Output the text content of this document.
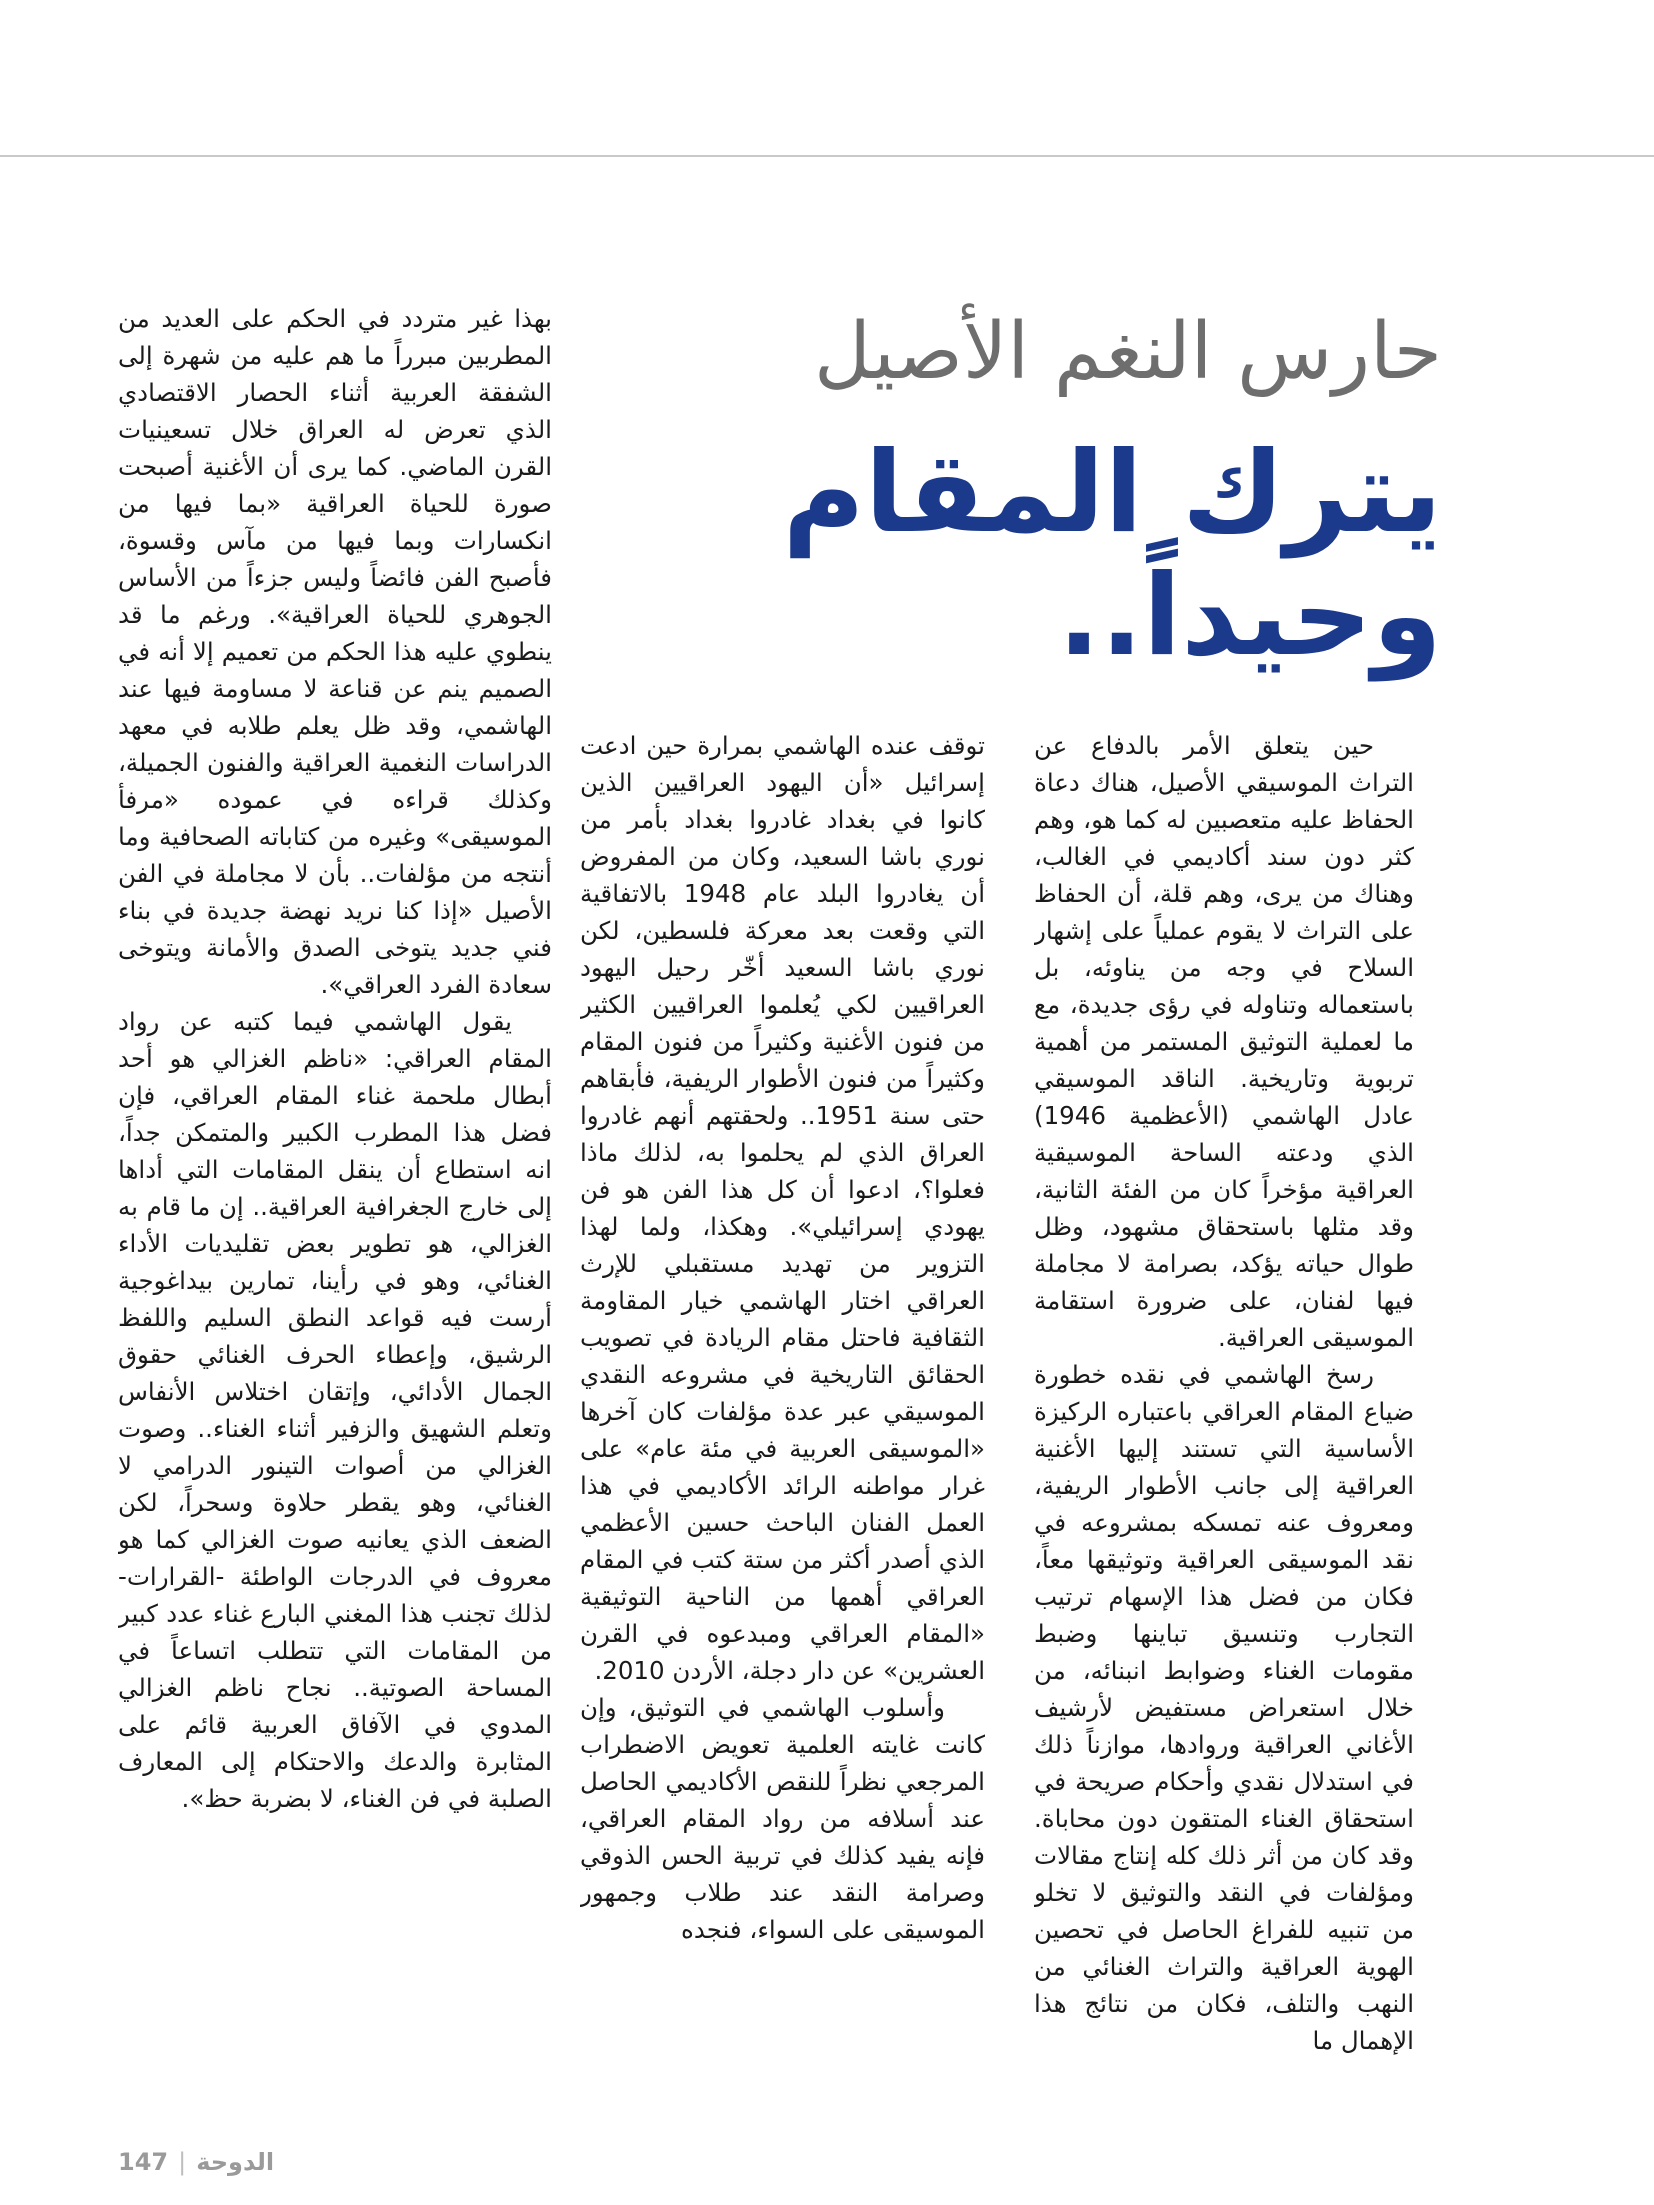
حارس النغم الأصيل
يترك المقام وحيداً..

حين يتعلق الأمر بالدفاع عن التراث الموسيقي الأصيل، هناك دعاة الحفاظ عليه متعصبين له كما هو، وهم كثر دون سند أكاديمي في الغالب، وهناك من يرى، وهم قلة، أن الحفاظ على التراث لا يقوم عملياً على إشهار السلاح في وجه من يناوئه، بل باستعماله وتناوله في رؤى جديدة، مع ما لعملية التوثيق المستمر من أهمية تربوية وتاريخية. الناقد الموسيقي عادل الهاشمي (الأعظمية 1946) الذي ودعته الساحة الموسيقية العراقية مؤخراً كان من الفئة الثانية، وقد مثلها باستحقاق مشهود، وظل طوال حياته يؤكد، بصرامة لا مجاملة فيها لفنان، على ضرورة استقامة الموسيقى العراقية.

رسخ الهاشمي في نقده خطورة ضياع المقام العراقي باعتباره الركيزة الأساسية التي تستند إليها الأغنية العراقية إلى جانب الأطوار الريفية، ومعروف عنه تمسكه بمشروعه في نقد الموسيقى العراقية وتوثيقها معاً، فكان من فضل هذا الإسهام ترتيب التجارب وتنسيق تباينها وضبط مقومات الغناء وضوابط انبنائه، من خلال استعراض مستفيض لأرشيف الأغاني العراقية وروادها، موازناً ذلك في استدلال نقدي وأحكام صريحة في استحقاق الغناء المتقون دون محاباة. وقد كان من أثر ذلك كله إنتاج مقالات ومؤلفات في النقد والتوثيق لا تخلو من تنبيه للفراغ الحاصل في تحصين الهوية العراقية والتراث الغنائي من النهب والتلف، فكان من نتائج هذا الإهمال ما

توقف عنده الهاشمي بمرارة حين ادعت إسرائيل «أن اليهود العراقيين الذين كانوا في بغداد غادروا بغداد بأمر من نوري باشا السعيد، وكان من المفروض أن يغادروا البلد عام 1948 بالاتفاقية التي وقعت بعد معركة فلسطين، لكن نوري باشا السعيد أخّر رحيل اليهود العراقيين لكي يُعلموا العراقيين الكثير من فنون الأغنية وكثيراً من فنون المقام وكثيراً من فنون الأطوار الريفية، فأبقاهم حتى سنة 1951.. ولحقتهم أنهم غادروا العراق الذي لم يحلموا به، لذلك ماذا فعلوا؟، ادعوا أن كل هذا الفن هو فن يهودي إسرائيلي». وهكذا، ولما لهذا التزوير من تهديد مستقبلي للإرث العراقي اختار الهاشمي خيار المقاومة الثقافية فاحتل مقام الريادة في تصويب الحقائق التاريخية في مشروعه النقدي الموسيقي عبر عدة مؤلفات كان آخرها «الموسيقى العربية في مئة عام» على غرار مواطنه الرائد الأكاديمي في هذا العمل الفنان الباحث حسين الأعظمي الذي أصدر أكثر من ستة كتب في المقام العراقي أهمها من الناحية التوثيقية «المقام العراقي ومبدعوه في القرن العشرين» عن دار دجلة، الأردن 2010.

وأسلوب الهاشمي في التوثيق، وإن كانت غايته العلمية تعويض الاضطراب المرجعي نظراً للنقص الأكاديمي الحاصل عند أسلافه من رواد المقام العراقي، فإنه يفيد كذلك في تربية الحس الذوقي وصرامة النقد عند طلاب وجمهور الموسيقى على السواء، فنجده

بهذا غير متردد في الحكم على العديد من المطربين مبرراً ما هم عليه من شهرة إلى الشفقة العربية أثناء الحصار الاقتصادي الذي تعرض له العراق خلال تسعينيات القرن الماضي. كما يرى أن الأغنية أصبحت صورة للحياة العراقية «بما فيها من انكسارات وبما فيها من مآس وقسوة، فأصبح الفن فائضاً وليس جزءاً من الأساس الجوهري للحياة العراقية». ورغم ما قد ينطوي عليه هذا الحكم من تعميم إلا أنه في الصميم ينم عن قناعة لا مساومة فيها عند الهاشمي، وقد ظل يعلم طلابه في معهد الدراسات النغمية العراقية والفنون الجميلة، وكذلك قراءه في عموده «مرفأ الموسيقى» وغيره من كتاباته الصحافية وما أنتجه من مؤلفات.. بأن لا مجاملة في الفن الأصيل «إذا كنا نريد نهضة جديدة في بناء فني جديد يتوخى الصدق والأمانة ويتوخى سعادة الفرد العراقي».

يقول الهاشمي فيما كتبه عن رواد المقام العراقي: «ناظم الغزالي هو أحد أبطال ملحمة غناء المقام العراقي، فإن فضل هذا المطرب الكبير والمتمكن جداً، انه استطاع أن ينقل المقامات التي أداها إلى خارج الجغرافية العراقية.. إن ما قام به الغزالي، هو تطوير بعض تقليديات الأداء الغنائي، وهو في رأينا، تمارين بيداغوجية أرست فيه قواعد النطق السليم واللفظ الرشيق، وإعطاء الحرف الغنائي حقوق الجمال الأدائي، وإتقان اختلاس الأنفاس وتعلم الشهيق والزفير أثناء الغناء.. وصوت الغزالي من أصوات التينور الدرامي لا الغنائي، وهو يقطر حلاوة وسحراً، لكن الضعف الذي يعانيه صوت الغزالي كما هو معروف في الدرجات الواطئة -القرارات- لذلك تجنب هذا المغني البارع غناء عدد كبير من المقامات التي تتطلب اتساعاً في المساحة الصوتية.. نجاح ناظم الغزالي المدوي في الآفاق العربية قائم على المثابرة والدعك والاحتكام إلى المعارف الصلبة في فن الغناء، لا بضربة حظ».

147 | الدوحة
